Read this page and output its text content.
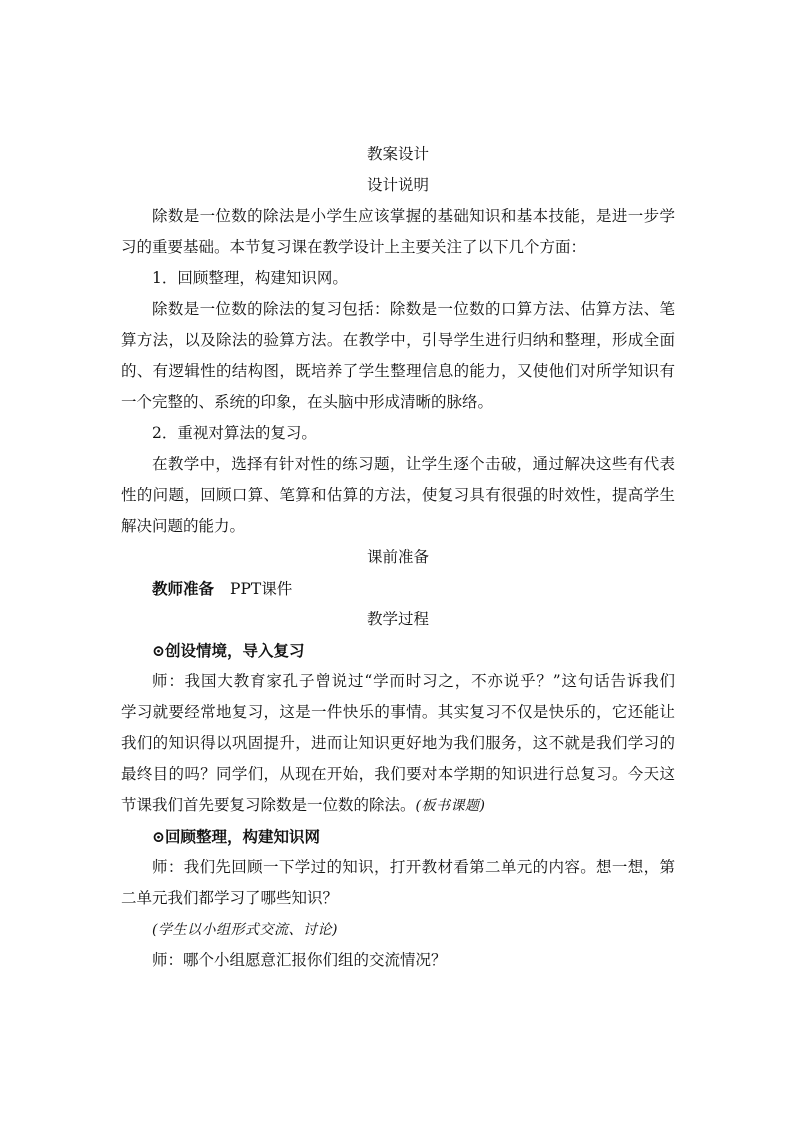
教案设计
设计说明
除数是一位数的除法是小学生应该掌握的基础知识和基本技能，是进一步学
习的重要基础。本节复习课在教学设计上主要关注了以下几个方面：
1．回顾整理，构建知识网。
除数是一位数的除法的复习包括：除数是一位数的口算方法、估算方法、笔
算方法，以及除法的验算方法。在教学中，引导学生进行归纳和整理，形成全面
的、有逻辑性的结构图，既培养了学生整理信息的能力，又使他们对所学知识有
一个完整的、系统的印象，在头脑中形成清晰的脉络。
2．重视对算法的复习。
在教学中，选择有针对性的练习题，让学生逐个击破，通过解决这些有代表
性的问题，回顾口算、笔算和估算的方法，使复习具有很强的时效性，提高学生
解决问题的能力。
课前准备
教师准备 PPT课件
教学过程
⊙创设情境，导入复习
师：我国大教育家孔子曾说过“学而时习之，不亦说乎？”这句话告诉我们
学习就要经常地复习，这是一件快乐的事情。其实复习不仅是快乐的，它还能让
我们的知识得以巩固提升，进而让知识更好地为我们服务，这不就是我们学习的
最终目的吗？同学们，从现在开始，我们要对本学期的知识进行总复习。今天这
节课我们首先要复习除数是一位数的除法。(板书课题)
⊙回顾整理，构建知识网
师：我们先回顾一下学过的知识，打开教材看第二单元的内容。想一想，第
二单元我们都学习了哪些知识？
(学生以小组形式交流、讨论)
师：哪个小组愿意汇报你们组的交流情况？
